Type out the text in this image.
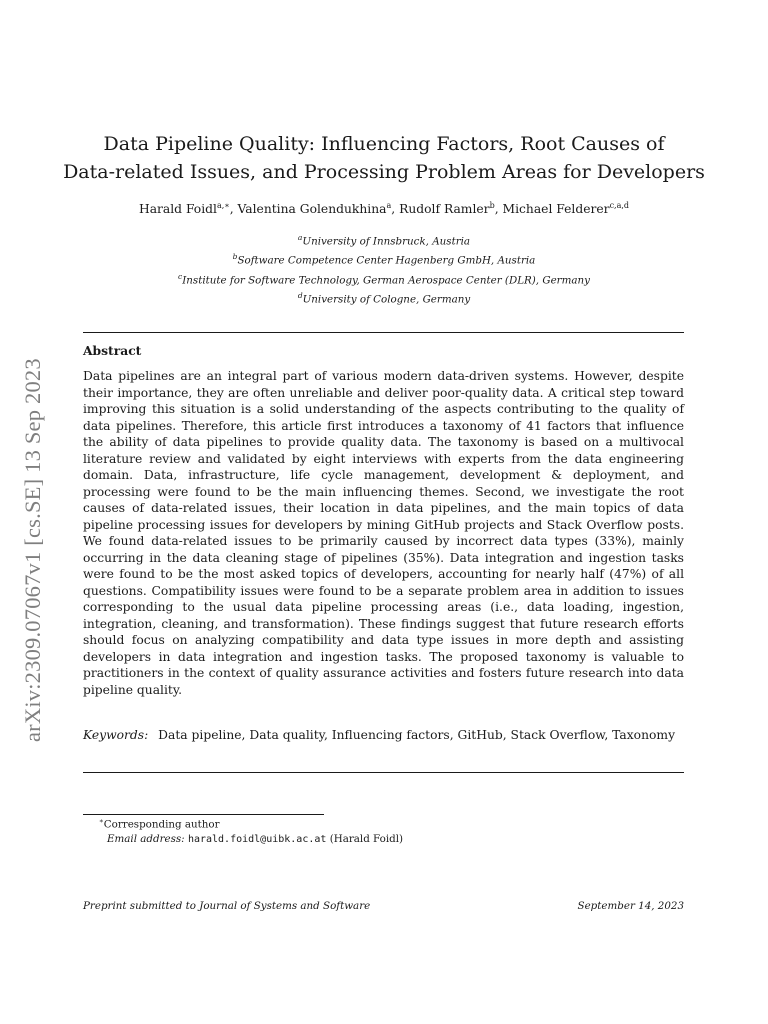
arXiv:2309.07067v1 [cs.SE] 13 Sep 2023
Data Pipeline Quality: Influencing Factors, Root Causes of
Data-related Issues, and Processing Problem Areas for Developers
Harald Foidl$^{a,∗}$, Valentina Golendukhina$^a$, Rudolf Ramler$^b$, Michael Felderer$^{c,a,d}$
$^a$University of Innsbruck, Austria
$^b$Software Competence Center Hagenberg GmbH, Austria
$^c$Institute for Software Technology, German Aerospace Center (DLR), Germany
$^d$University of Cologne, Germany
Abstract

Data pipelines are an integral part of various modern data-driven systems. However, despite their importance, they are often unreliable and deliver poor-quality data. A critical step toward improving this situation is a solid understanding of the aspects contributing to the quality of data pipelines. Therefore, this article first introduces a taxonomy of 41 factors that influence the ability of data pipelines to provide quality data. The taxonomy is based on a multivocal literature review and validated by eight interviews with experts from the data engineering domain. Data, infrastructure, life cycle management, development & deployment, and processing were found to be the main influencing themes. Second, we investigate the root causes of data-related issues, their location in data pipelines, and the main topics of data pipeline processing issues for developers by mining GitHub projects and Stack Overflow posts. We found data-related issues to be primarily caused by incorrect data types (33%), mainly occurring in the data cleaning stage of pipelines (35%). Data integration and ingestion tasks were found to be the most asked topics of developers, accounting for nearly half (47%) of all questions. Compatibility issues were found to be a separate problem area in addition to issues corresponding to the usual data pipeline processing areas (i.e., data loading, ingestion, integration, cleaning, and transformation). These findings suggest that future research efforts should focus on analyzing compatibility and data type issues in more depth and assisting developers in data integration and ingestion tasks. The proposed taxonomy is valuable to practitioners in the context of quality assurance activities and fosters future research into data pipeline quality.

Keywords: Data pipeline, Data quality, Influencing factors, GitHub, Stack Overflow, Taxonomy
∗Corresponding author
Email address: harald.foidl@uibk.ac.at (Harald Foidl)
Preprint submitted to Journal of Systems and Software	September 14, 2023
